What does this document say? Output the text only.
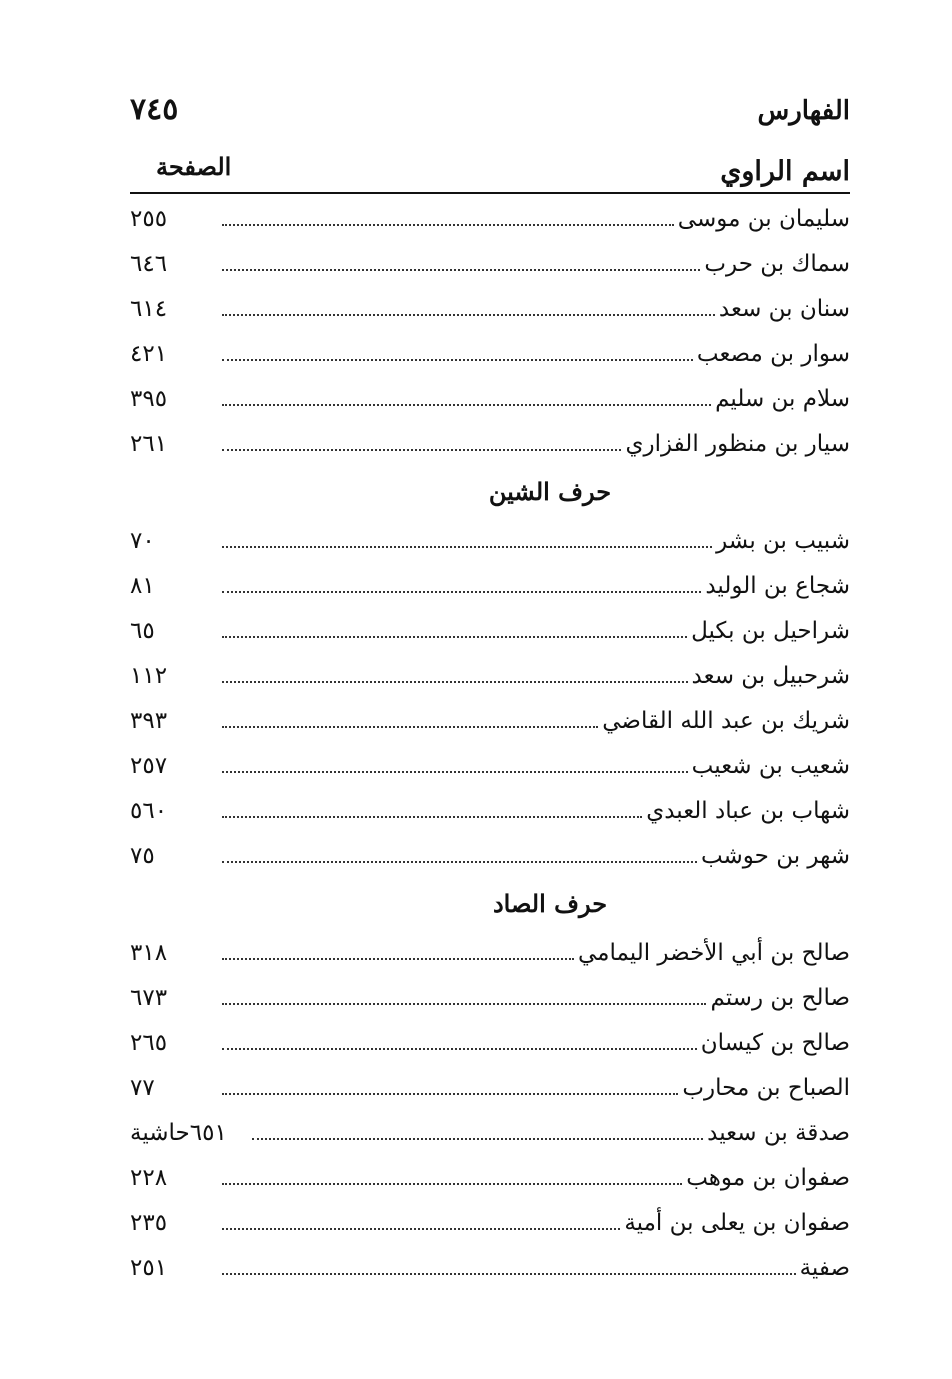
٧٤٥	الفهارس
الصفحة	اسم الراوي
سليمان بن موسى
٢٥٥
سماك بن حرب
٦٤٦
سنان بن سعد
٦١٤
سوار بن مصعب
٤٢١
سلام بن سليم
٣٩٥
سيار بن منظور الفزاري
٢٦١
حرف الشين
شبيب بن بشر
٧٠
شجاع بن الوليد
٨١
شراحيل بن بكيل
٦٥
شرحبيل بن سعد
١١٢
شريك بن عبد الله القاضي
٣٩٣
شعيب بن شعيب
٢٥٧
شهاب بن عباد العبدي
٥٦٠
شهر بن حوشب
٧٥
حرف الصاد
صالح بن أبي الأخضر اليمامي
٣١٨
صالح بن رستم
٦٧٣
صالح بن كيسان
٢٦٥
الصباح بن محارب
٧٧
صدقة بن سعيد
٦٥١حاشية
صفوان بن موهب
٢٢٨
صفوان بن يعلى بن أمية
٢٣٥
صفية
٢٥١
